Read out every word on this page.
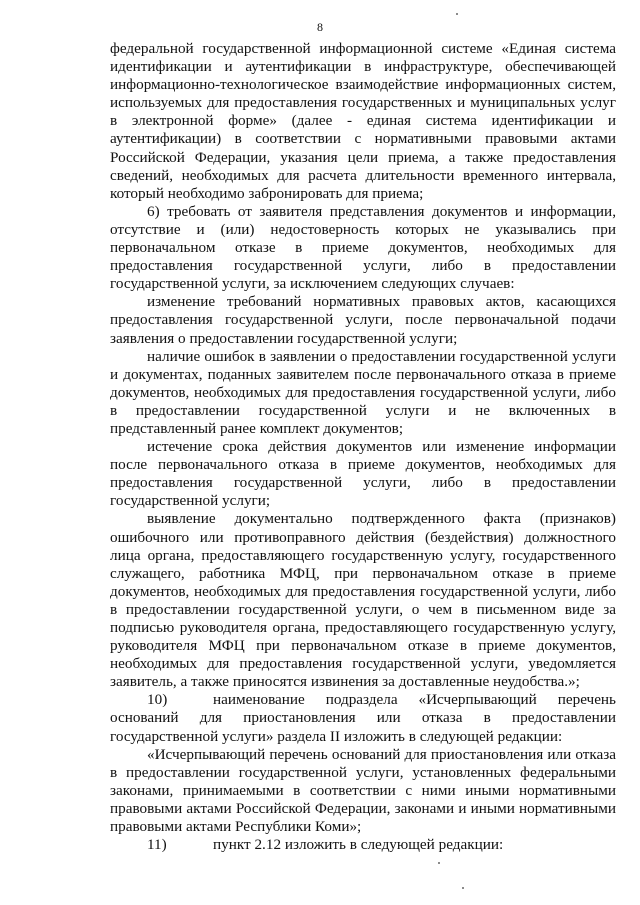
8

федеральной государственной информационной системе «Единая система идентификации и аутентификации в инфраструктуре, обеспечивающей информационно-технологическое взаимодействие информационных систем, используемых для предоставления государственных и муниципальных услуг в электронной форме» (далее - единая система идентификации и аутентификации) в соответствии с нормативными правовыми актами Российской Федерации, указания цели приема, а также предоставления сведений, необходимых для расчета длительности временного интервала, который необходимо забронировать для приема;

6) требовать от заявителя представления документов и информации, отсутствие и (или) недостоверность которых не указывались при первоначальном отказе в приеме документов, необходимых для предоставления государственной услуги, либо в предоставлении государственной услуги, за исключением следующих случаев:

изменение требований нормативных правовых актов, касающихся предоставления государственной услуги, после первоначальной подачи заявления о предоставлении государственной услуги;

наличие ошибок в заявлении о предоставлении государственной услуги и документах, поданных заявителем после первоначального отказа в приеме документов, необходимых для предоставления государственной услуги, либо в предоставлении государственной услуги и не включенных в представленный ранее комплект документов;

истечение срока действия документов или изменение информации после первоначального отказа в приеме документов, необходимых для предоставления государственной услуги, либо в предоставлении государственной услуги;

выявление документально подтвержденного факта (признаков) ошибочного или противоправного действия (бездействия) должностного лица органа, предоставляющего государственную услугу, государственного служащего, работника МФЦ, при первоначальном отказе в приеме документов, необходимых для предоставления государственной услуги, либо в предоставлении государственной услуги, о чем в письменном виде за подписью руководителя органа, предоставляющего государственную услугу, руководителя МФЦ при первоначальном отказе в приеме документов, необходимых для предоставления государственной услуги, уведомляется заявитель, а также приносятся извинения за доставленные неудобства.»;

10)	наименование подраздела «Исчерпывающий перечень оснований для приостановления или отказа в предоставлении государственной услуги» раздела II изложить в следующей редакции:

«Исчерпывающий перечень оснований для приостановления или отказа в предоставлении государственной услуги, установленных федеральными законами, принимаемыми в соответствии с ними иными нормативными правовыми актами Российской Федерации, законами и иными нормативными правовыми актами Республики Коми»;

11)	пункт 2.12 изложить в следующей редакции:
